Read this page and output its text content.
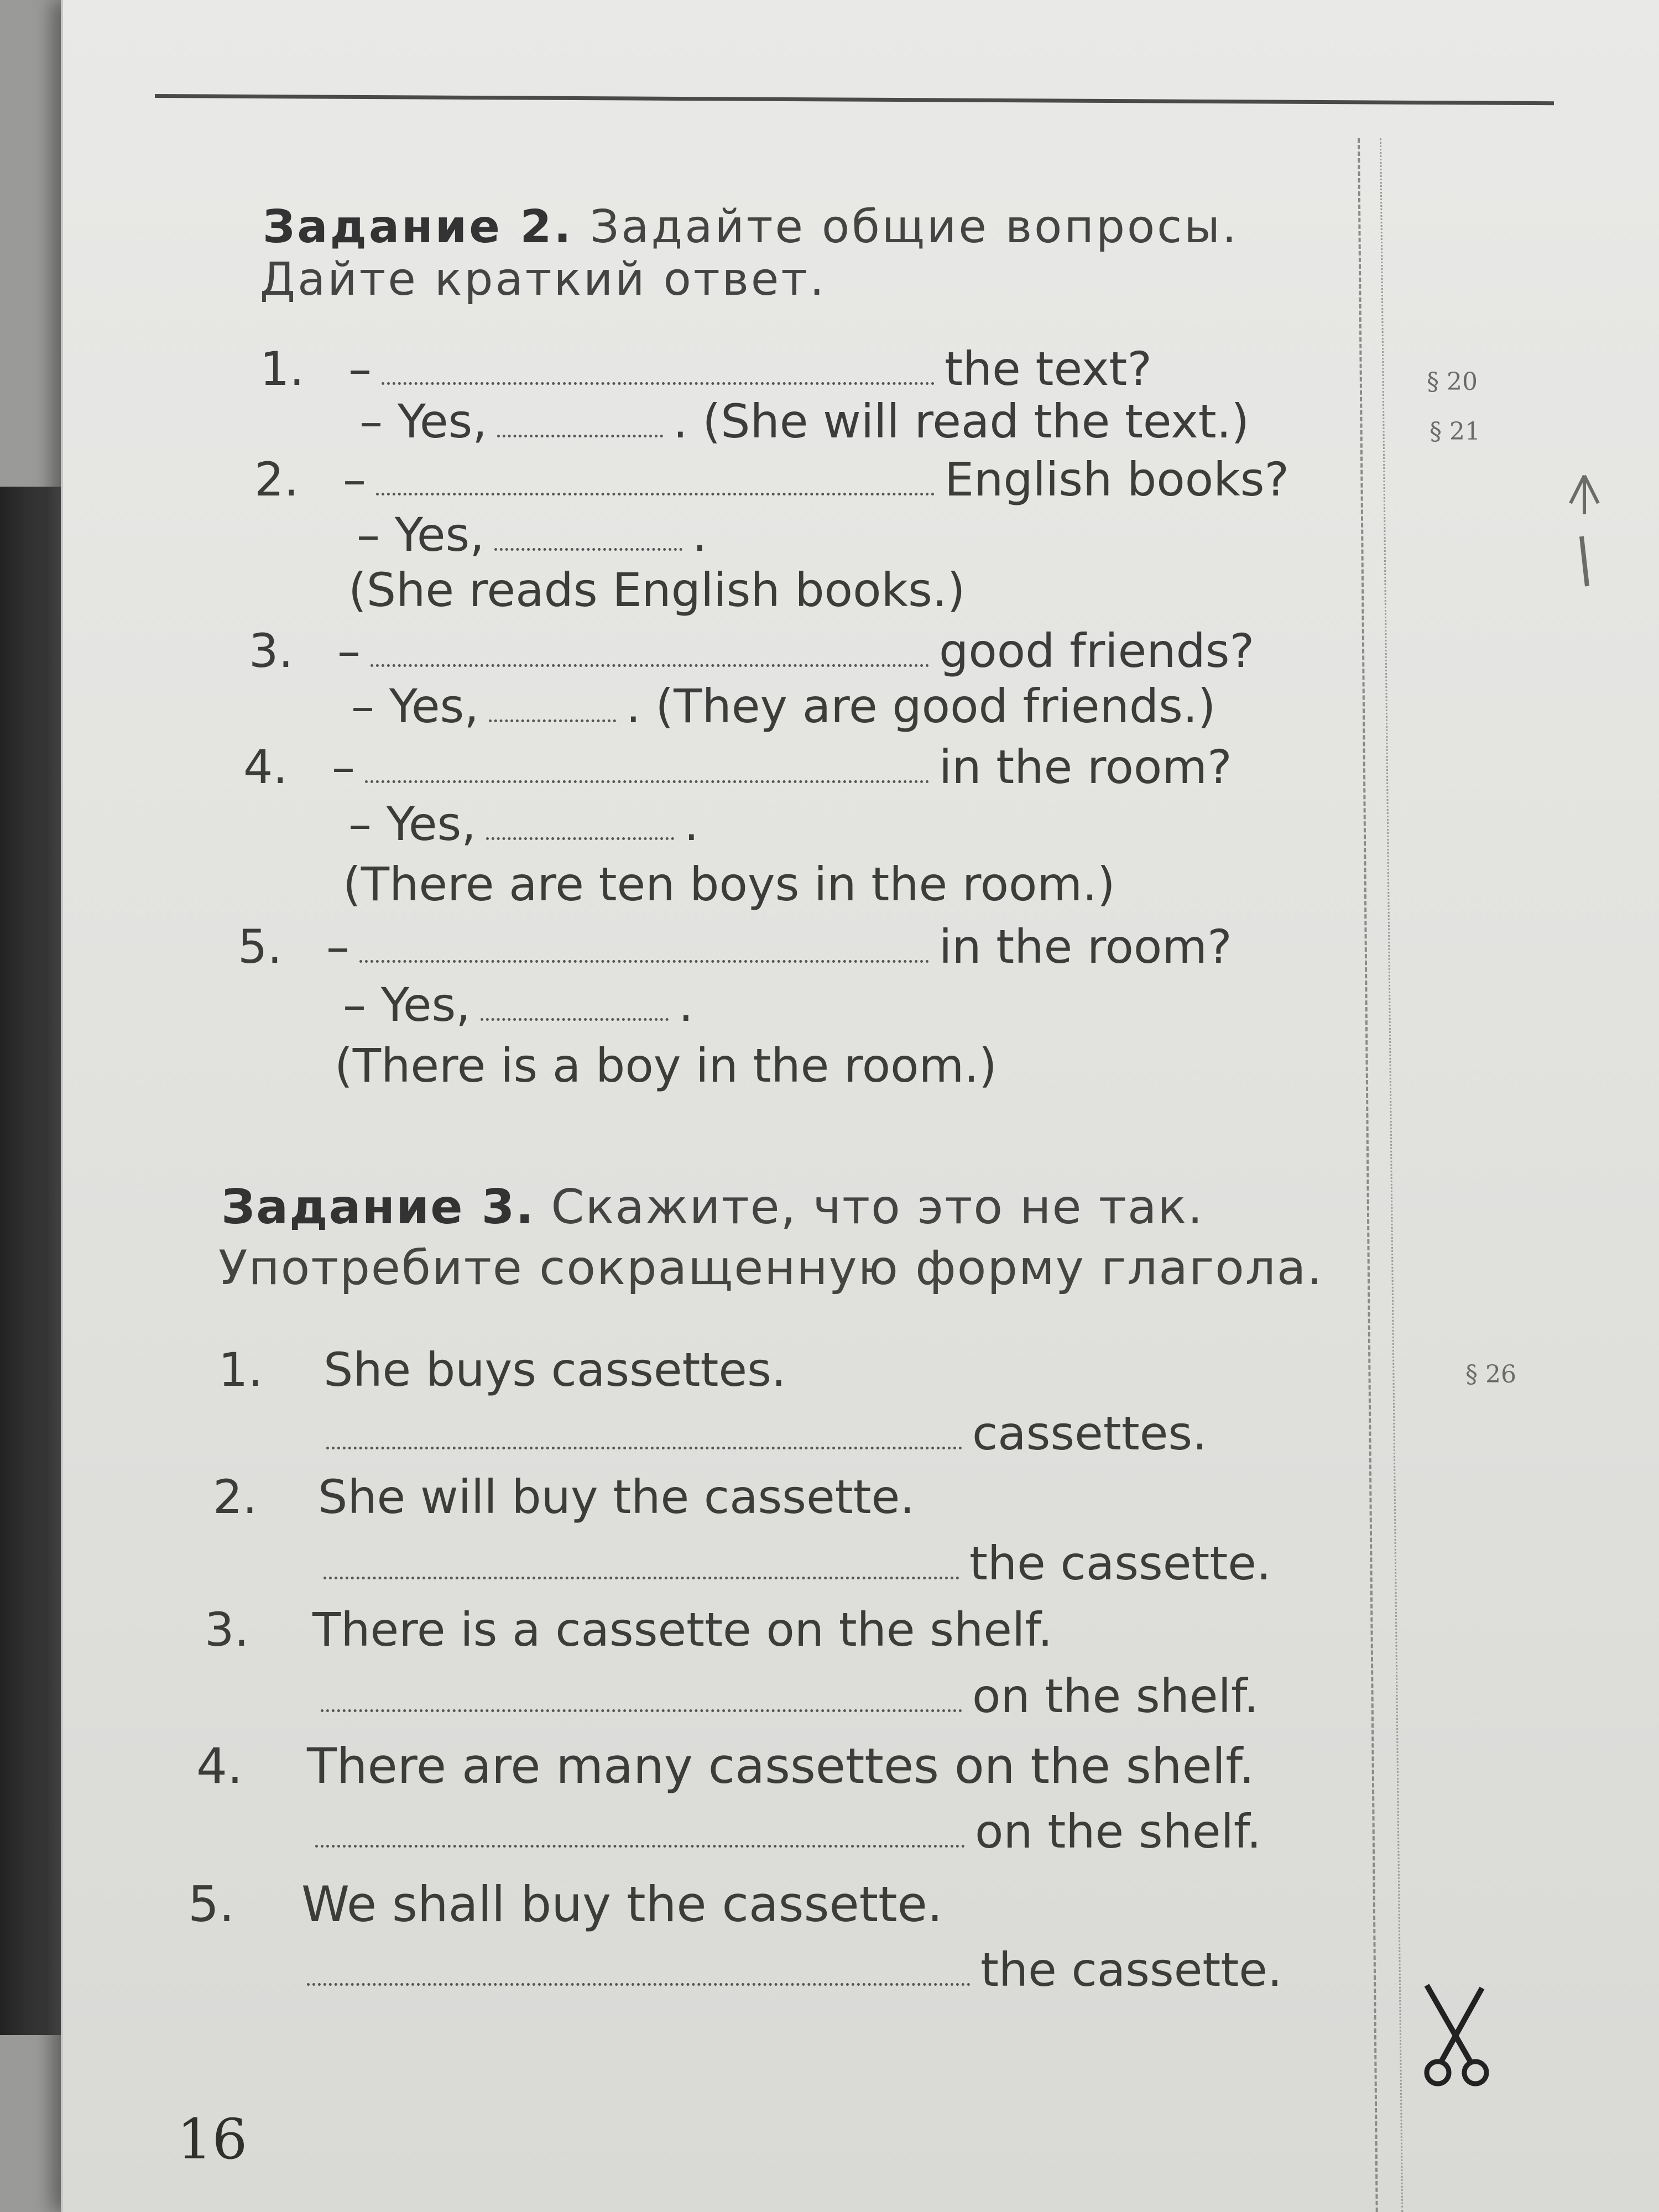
Задание 2. Задайте общие вопросы.
Дайте краткий ответ.
1. –	the text?
– Yes,	. (She will read the text.)
2. –	English books?
– Yes,	.
(She reads English books.)
3. –	good friends?
– Yes,	. (They are good friends.)
4. –	in the room?
– Yes,	.
(There are ten boys in the room.)
5. –	in the room?
– Yes,	.
(There is a boy in the room.)
Задание 3. Скажите, что это не так.
Употребите сокращенную форму глагола.
1. She buys cassettes.
cassettes.
2. She will buy the cassette.
the cassette.
3. There is a cassette on the shelf.
on the shelf.
4. There are many cassettes on the shelf.
on the shelf.
5. We shall buy the cassette.
the cassette.
§ 20
§ 21
§ 26
16
